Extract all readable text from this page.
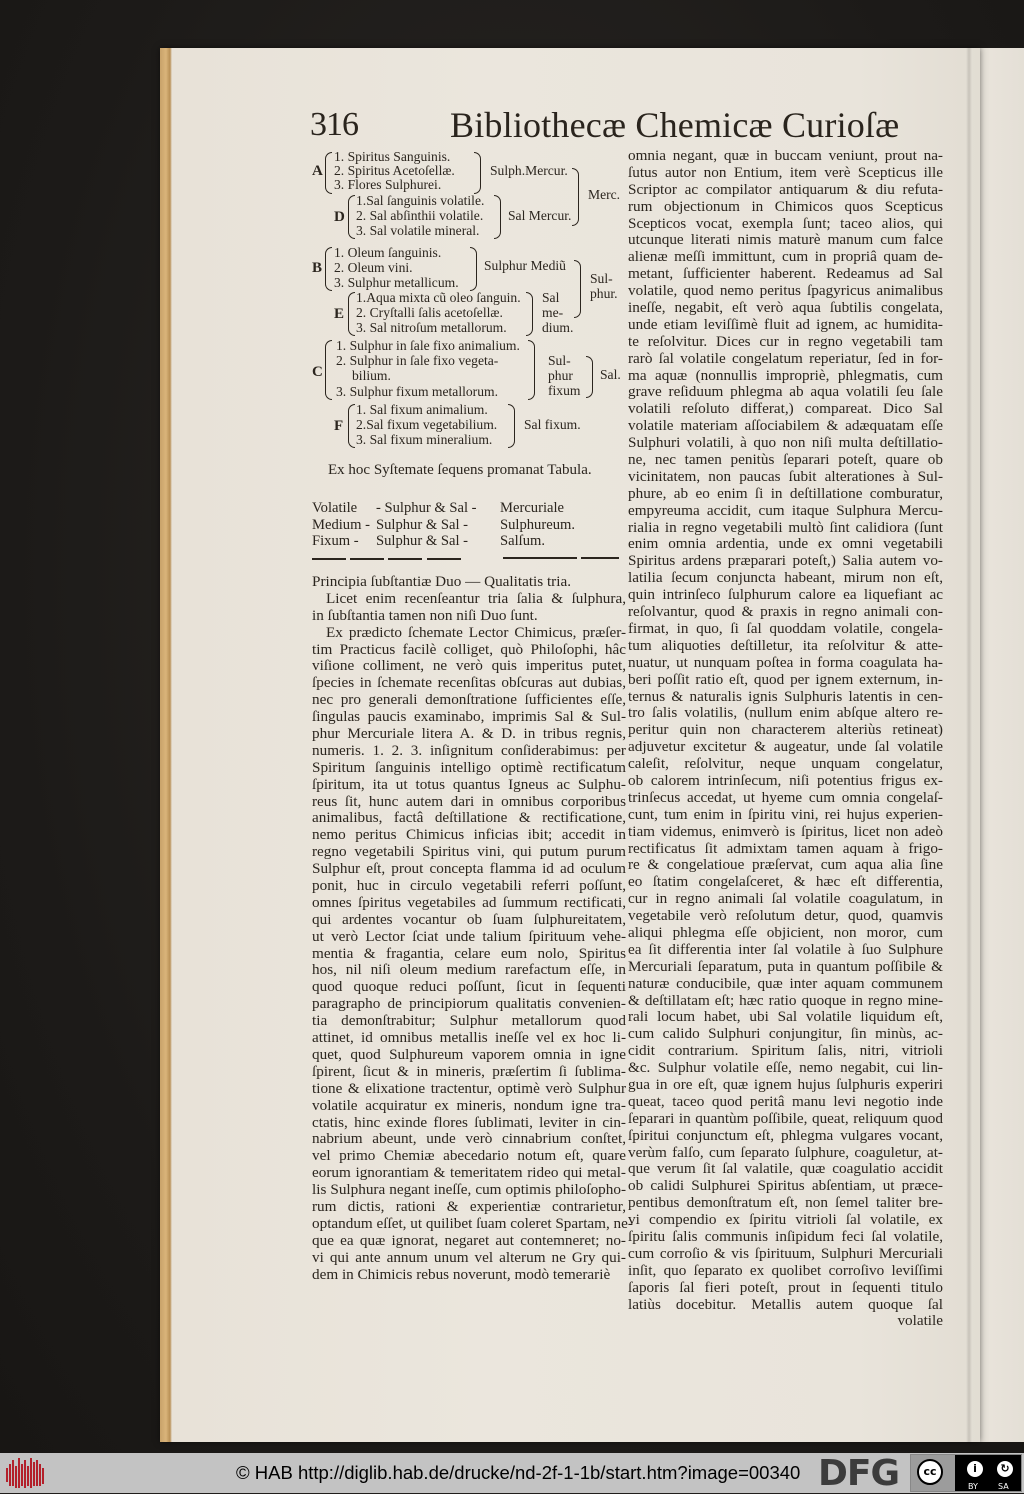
316	Bibliothecæ Chemicæ Curioſæ
A
1. Spiritus Sanguinis.
2. Spiritus Acetoſellæ.
3. Flores Sulphurei.
Sulph.Mercur.
D
1.Sal ſanguinis volatile.
2. Sal abſinthii volatile.
3. Sal volatile mineral.
Sal Mercur.
Merc.
B
1. Oleum ſanguinis.
2. Oleum vini.
3. Sulphur metallicum.
Sulphur Mediũ
E
1.Aqua mixta cũ oleo ſanguin.
2. Cryſtalli ſalis acetoſellæ.
3. Sal nitroſum metallorum.
Sal
me-
dium.
Sul-
phur.
C
1. Sulphur in ſale fixo animalium.
2. Sulphur in ſale fixo vegeta-
bilium.
3. Sulphur fixum metallorum.
Sul-
phur
fixum
Sal.
F
1. Sal fixum animalium.
2.Sal fixum vegetabilium.
3. Sal fixum mineralium.
Sal fixum.
Ex hoc Syſtemate ſequens promanat Tabula.
Volatile	- Sulphur & Sal -	Mercuriale
Medium - Sulphur & Sal -	Sulphureum.
Fixum -	Sulphur & Sal -	Salſum.
Principia ſubſtantiæ Duo — Qualitatis tria.
Licet enim recenſeantur tria ſalia & ſulphura,
in ſubſtantia tamen non niſi Duo ſunt.
Ex prædicto ſchemate Lector Chimicus, præſer-
tim Practicus facilè colliget, quò Philoſophi, hâc
viſione colliment, ne verò quis imperitus putet,
ſpecies in ſchemate recenſitas obſcuras aut dubias,
nec pro generali demonſtratione ſufficientes eſſe,
ſingulas paucis examinabo, imprimis Sal & Sul-
phur Mercuriale litera A. & D. in tribus regnis,
numeris. 1. 2. 3. inſignitum conſiderabimus: per
Spiritum ſanguinis intelligo optimè rectificatum
ſpiritum, ita ut totus quantus Igneus ac Sulphu-
reus ſit, hunc autem dari in omnibus corporibus
animalibus, factâ deſtillatione & rectificatione,
nemo peritus Chimicus inficias ibit; accedit in
regno vegetabili Spiritus vini, qui putum purum
Sulphur eſt, prout concepta flamma id ad oculum
ponit, huc in circulo vegetabili referri poſſunt,
omnes ſpiritus vegetabiles ad ſummum rectificati,
qui ardentes vocantur ob ſuam ſulphureitatem,
ut verò Lector ſciat unde talium ſpirituum vehe-
mentia & fragantia, celare eum nolo, Spiritus
hos, nil niſi oleum medium rarefactum eſſe, in
quod quoque reduci poſſunt, ſicut in ſequenti
paragrapho de principiorum qualitatis convenien-
tia demonſtrabitur; Sulphur metallorum quod
attinet, id omnibus metallis ineſſe vel ex hoc li-
quet, quod Sulphureum vaporem omnia in igne
ſpirent, ſicut & in mineris, præſertim ſi ſublima-
tione & elixatione tractentur, optimè verò Sulphur
volatile acquiratur ex mineris, nondum igne tra-
ctatis, hinc exinde flores ſublimati, leviter in cin-
nabrium abeunt, unde verò cinnabrium conſtet,
vel primo Chemiæ abecedario notum eſt, quare
eorum ignorantiam & temeritatem rideo qui metal-
lis Sulphura negant ineſſe, cum optimis philoſopho-
rum dictis, rationi & experientiæ contrarietur,
optandum eſſet, ut quilibet ſuam coleret Spartam, ne-
que ea quæ ignorat, negaret aut contemneret; no-
vi qui ante annum unum vel alterum ne Gry qui-
dem in Chimicis rebus noverunt, modò temerariè
omnia negant, quæ in buccam veniunt, prout na-
ſutus autor non Entium, item verè Scepticus ille
Scriptor ac compilator antiquarum & diu refuta-
rum objectionum in Chimicos quos Scepticus
Scepticos vocat, exempla ſunt; taceo alios, qui
utcunque literati nimis maturè manum cum falce
alienæ meſſi immittunt, cum in propriâ quam de-
metant, ſufficienter haberent. Redeamus ad Sal
volatile, quod nemo peritus ſpagyricus animalibus
ineſſe, negabit, eſt verò aqua ſubtilis congelata,
unde etiam leviſſimè fluit ad ignem, ac humidita-
te reſolvitur. Dices cur in regno vegetabili tam
rarò ſal volatile congelatum reperiatur, ſed in for-
ma aquæ (nonnullis impropriè, phlegmatis, cum
grave reſiduum phlegma ab aqua volatili ſeu ſale
volatili reſoluto differat,) compareat. Dico Sal
volatile materiam aſſociabilem & adæquatam eſſe
Sulphuri volatili, à quo non niſi multa deſtillatio-
ne, nec tamen penitùs ſeparari poteſt, quare ob
vicinitatem, non paucas ſubit alterationes à Sul-
phure, ab eo enim ſi in deſtillatione comburatur,
empyreuma accidit, cum itaque Sulphura Mercu-
rialia in regno vegetabili multò ſint calidiora (ſunt
enim omnia ardentia, unde ex omni vegetabili
Spiritus ardens præparari poteſt,) Salia autem vo-
latilia ſecum conjuncta habeant, mirum non eſt,
quin intrinſeco ſulphurum calore ea liquefiant ac
reſolvantur, quod & praxis in regno animali con-
firmat, in quo, ſi ſal quoddam volatile, congela-
tum aliquoties deſtilletur, ita reſolvitur & atte-
nuatur, ut nunquam poſtea in forma coagulata ha-
beri poſſit ratio eſt, quod per ignem externum, in-
ternus & naturalis ignis Sulphuris latentis in cen-
tro ſalis volatilis, (nullum enim abſque altero re-
peritur quin non characterem alteriùs retineat)
adjuvetur excitetur & augeatur, unde ſal volatile
caleſit, reſolvitur, neque unquam congelatur,
ob calorem intrinſecum, niſi potentius frigus ex-
trinſecus accedat, ut hyeme cum omnia congelaſ-
cunt, tum enim in ſpiritu vini, rei hujus experien-
tiam videmus, enimverò is ſpiritus, licet non adeò
rectificatus ſit admixtam tamen aquam à frigo-
re & congelatioue præſervat, cum aqua alia ſine
eo ſtatim congelaſceret, & hæc eſt differentia,
cur in regno animali ſal volatile coagulatum, in
vegetabile verò reſolutum detur, quod, quamvis
aliqui phlegma eſſe objicient, non moror, cum
ea ſit differentia inter ſal volatile à ſuo Sulphure
Mercuriali ſeparatum, puta in quantum poſſibile &
naturæ conducibile, quæ inter aquam communem
& deſtillatam eſt; hæc ratio quoque in regno mine-
rali locum habet, ubi Sal volatile liquidum eſt,
cum calido Sulphuri conjungitur, ſin minùs, ac-
cidit contrarium. Spiritum ſalis, nitri, vitrioli
&c. Sulphur volatile eſſe, nemo negabit, cui lin-
gua in ore eſt, quæ ignem hujus ſulphuris experiri
queat, taceo quod peritâ manu levi negotio inde
ſeparari in quantùm poſſibile, queat, reliquum quod
ſpiritui conjunctum eſt, phlegma vulgares vocant,
verùm falſo, cum ſeparato ſulphure, coaguletur, at-
que verum ſit ſal valatile, quæ coagulatio accidit
ob calidi Sulphurei Spiritus abſentiam, ut præce-
pentibus demonſtratum eſt, non ſemel taliter bre-
vi compendio ex ſpiritu vitrioli ſal volatile, ex
ſpiritu ſalis communis inſipidum feci ſal volatile,
cum corroſio & vis ſpirituum, Sulphuri Mercuriali
inſit, quo ſeparato ex quolibet corroſivo leviſſimi
ſaporis ſal fieri poteſt, prout in ſequenti titulo
latiùs docebitur. Metallis autem quoque ſal
volatile
© HAB http://diglib.hab.de/drucke/nd-2f-1-1b/start.htm?image=00340 DFG	cc	i	↻
BY	SA
